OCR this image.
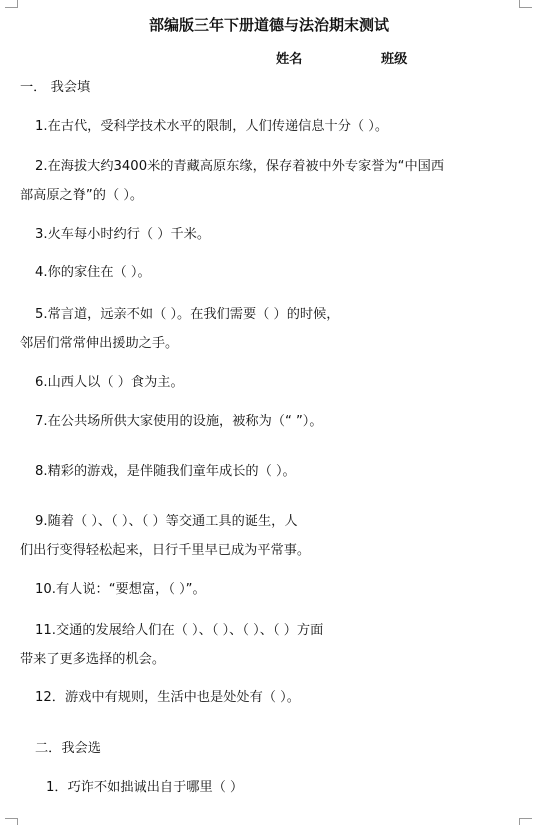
部编版三年下册道德与法治期末测试
姓名	班级
一． 我会填
1.在古代，受科学技术水平的限制，人们传递信息十分（ ）。
2.在海拔大约3400米的青藏高原东缘，保存着被中外专家誉为“中国西
部高原之脊”的（ ）。
3.火车每小时约行（ ）千米。
4.你的家住在（ ）。
5.常言道，远亲不如（ ）。在我们需要（ ）的时候，
邻居们常常伸出援助之手。
6.山西人以（ ）食为主。
7.在公共场所供大家使用的设施，被称为（“ ”）。
8.精彩的游戏，是伴随我们童年成长的（ ）。
9.随着（ ）、（ ）、（ ）等交通工具的诞生，人
们出行变得轻松起来，日行千里早已成为平常事。
10.有人说：“要想富，（ ）”。
11.交通的发展给人们在（ ）、（ ）、（ ）、（ ）方面
带来了更多选择的机会。
12．游戏中有规则，生活中也是处处有（ ）。
二．我会选
1．巧诈不如拙诚出自于哪里（ ）
